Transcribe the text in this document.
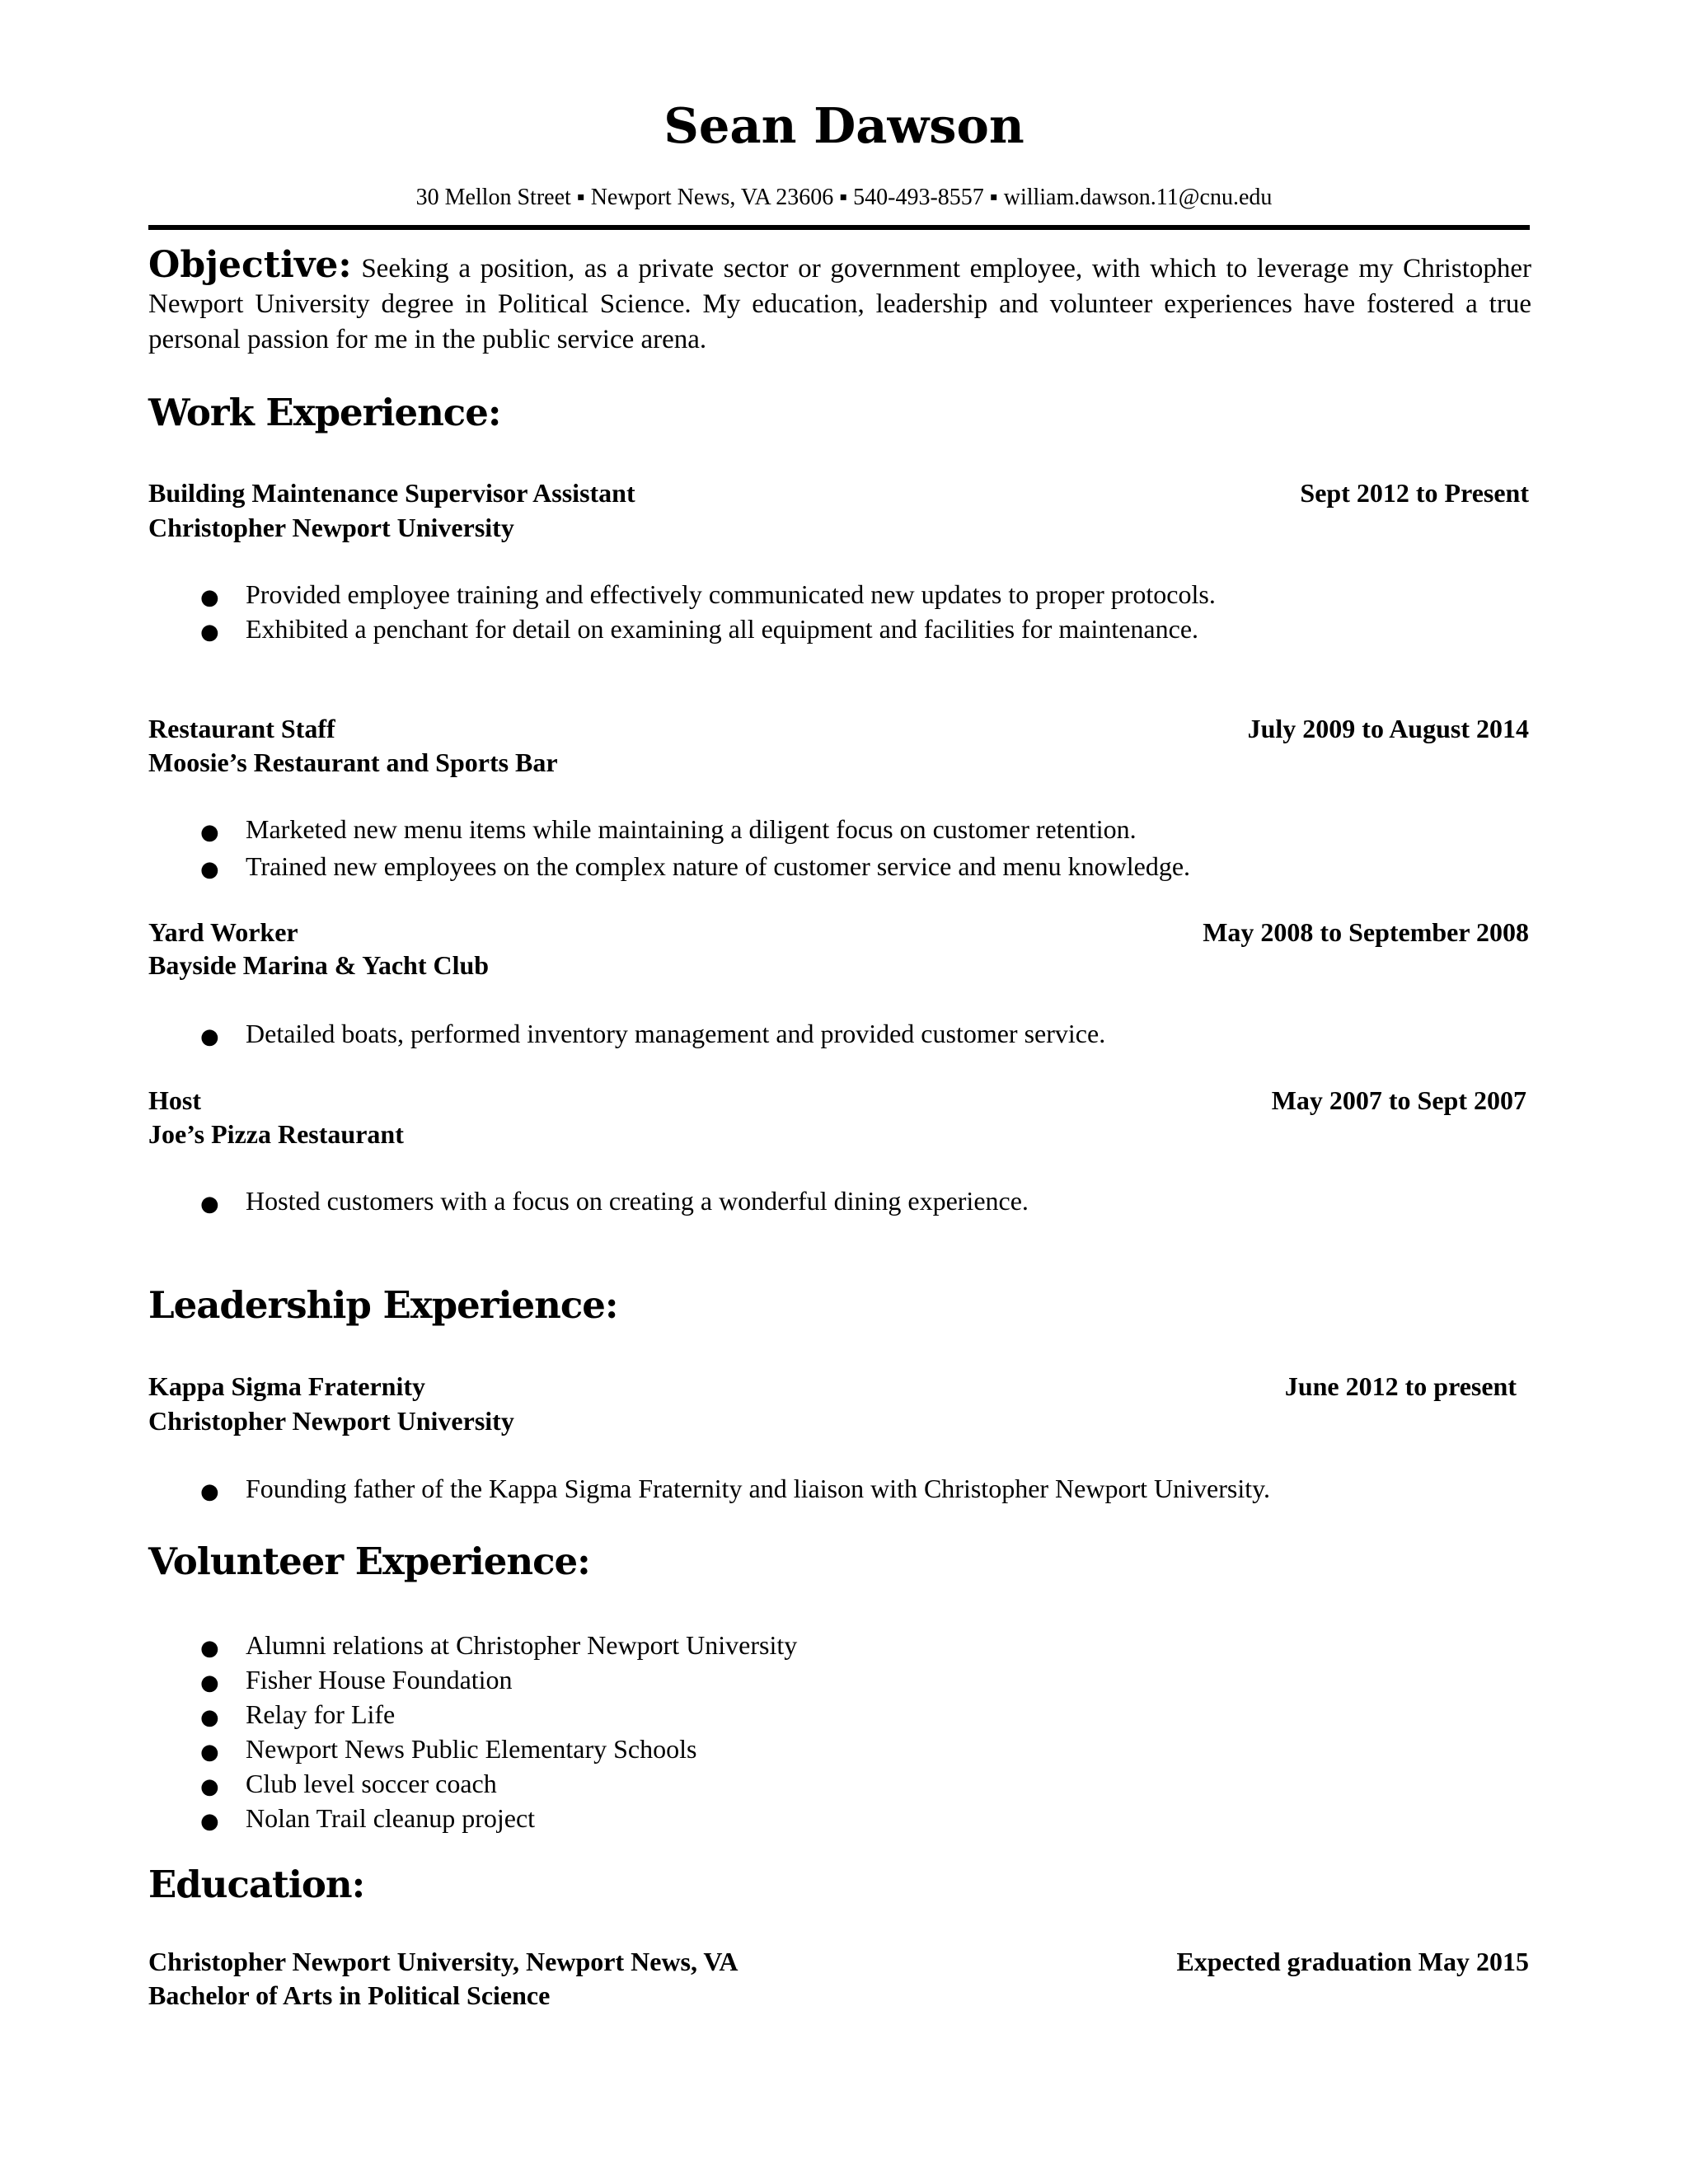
Sean Dawson
30 Mellon Street ▪ Newport News, VA 23606 ▪ 540-493-8557 ▪ william.dawson.11@cnu.edu
Objective: Seeking a position, as a private sector or government employee, with which to leverage my Christopher Newport University degree in Political Science. My education, leadership and volunteer experiences have fostered a true personal passion for me in the public service arena.
Work Experience:
Building Maintenance Supervisor Assistant	Sept 2012 to Present
Christopher Newport University
● Provided employee training and effectively communicated new updates to proper protocols.
● Exhibited a penchant for detail on examining all equipment and facilities for maintenance.
Restaurant Staff	July 2009 to August 2014
Moosie’s Restaurant and Sports Bar
● Marketed new menu items while maintaining a diligent focus on customer retention.
● Trained new employees on the complex nature of customer service and menu knowledge.
Yard Worker	May 2008 to September 2008
Bayside Marina & Yacht Club
● Detailed boats, performed inventory management and provided customer service.
Host	May 2007 to Sept 2007
Joe’s Pizza Restaurant
● Hosted customers with a focus on creating a wonderful dining experience.
Leadership Experience:
Kappa Sigma Fraternity	June 2012 to present
Christopher Newport University
● Founding father of the Kappa Sigma Fraternity and liaison with Christopher Newport University.
Volunteer Experience:
● Alumni relations at Christopher Newport University
● Fisher House Foundation
● Relay for Life
● Newport News Public Elementary Schools
● Club level soccer coach
● Nolan Trail cleanup project
Education:
Christopher Newport University, Newport News, VA	Expected graduation May 2015
Bachelor of Arts in Political Science
